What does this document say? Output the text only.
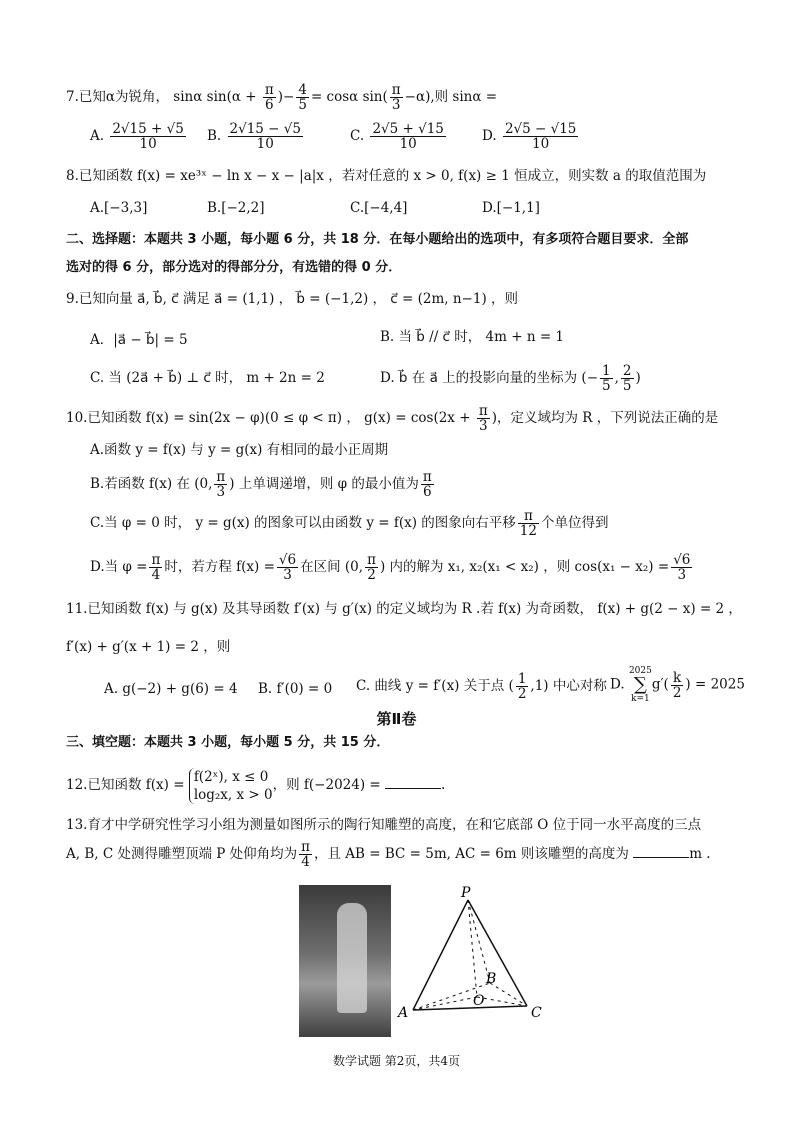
7.已知α为锐角， sinα $\sin(\alpha + \frac{\pi}{6}$ )− $\frac{4}{5} = \cos\alpha$ $\sin( \frac{\pi}{3} -\alpha)$,则 sinα =
A. $\frac{2√15 + √5}{10} B$. $\frac{2√15 - √5}{10}$	C. $\frac{2√5 + √15}{10}$	D. $\frac{2√5 - √15}{10}$
8.已知函数 f(x) = xe³ˣ − ln x − x − |a|x ，若对任意的 x > 0, f(x) ≥ 1 恒成立，则实数 a 的取值范围为
A.[−3,3]	B.[−2,2]	C.[−4,4]	D.[−1,1]
二、选择题：本题共 3 小题，每小题 6 分，共 18 分．在每小题给出的选项中，有多项符合题目要求．全部
选对的得 6 分，部分选对的得部分分，有选错的得 0 分．
9.已知向量 a⃗, b⃗, c⃗ 满足 a⃗ = (1,1) ， b⃗ = (−1,2) ， c⃗ = (2m, n−1) ，则
A．|a⃗ − b⃗| = 5	B. 当 b⃗ // c⃗ 时， 4m + n = 1
C. 当 (2a⃗ + b⃗) ⊥ c⃗ 时， m + 2n = 2	D. b⃗ 在 a⃗ 上的投影向量的坐标为 (− $\frac{1}{5}$ , $\frac{2}{5}$ )
10.已知函数 f(x) = sin(2x − φ)(0 ≤ φ < π) ， $g(x) = \cos(2x + \frac{\pi}{3}$ )，定义域均为 R ，下列说法正确的是
A.函数 y = f(x) 与 y = g(x) 有相同的最小正周期
B.若函数 f(x) 在 (0, $\frac{\pi}{3}$ ) 上单调递增，则 φ 的最小值为 $\frac{\pi}{6}$
C.当 φ = 0 时， y = g(x) 的图象可以由函数 y = f(x) 的图象向右平移 $\frac{\pi}{12}$ 个单位得到
D.当 $\varphi = \frac{\pi}{4}$ 时，若方程 $f(x) = \frac{√6}{3}$ 在区间 (0, $\frac{\pi}{2}$ ) 内的解为 x₁, x₂(x₁ < x₂) ，则 $\cos(x_1 - x_2) = \frac{√6}{3}$
11.已知函数 f(x) 与 g(x) 及其导函数 f′(x) 与 g′(x) 的定义域均为 R .若 f(x) 为奇函数， f(x) + g(2 − x) = 2 ，
f′(x) + g′(x + 1) = 2 ，则
A. g(−2) + g(6) = 4 B. f′(0) = 0 C. 曲线 y = f′(x) 关于点 ( $\frac{1}{2} ,1$) 中心对称 D.
2025
∑
k=1
$g'( \frac{k}{2}$ ) = 2025
第Ⅱ卷
三、填空题：本题共 3 小题，每小题 5 分，共 15 分．
12.已知函数 f(x) =
f(2ˣ), x ≤ 0
log₂x, x > 0
，则 f(−2024) =	.
13.育才中学研究性学习小组为测量如图所示的陶行知雕塑的高度，在和它底部 O 位于同一水平高度的三点
A, B, C 处测得雕塑顶端 P 处仰角均为 $\frac{\pi}{4}$ ，且 AB = BC = 5m, AC = 6m 则该雕塑的高度为	m .
P
A	C
B
O
数学试题 第2页，共4页
